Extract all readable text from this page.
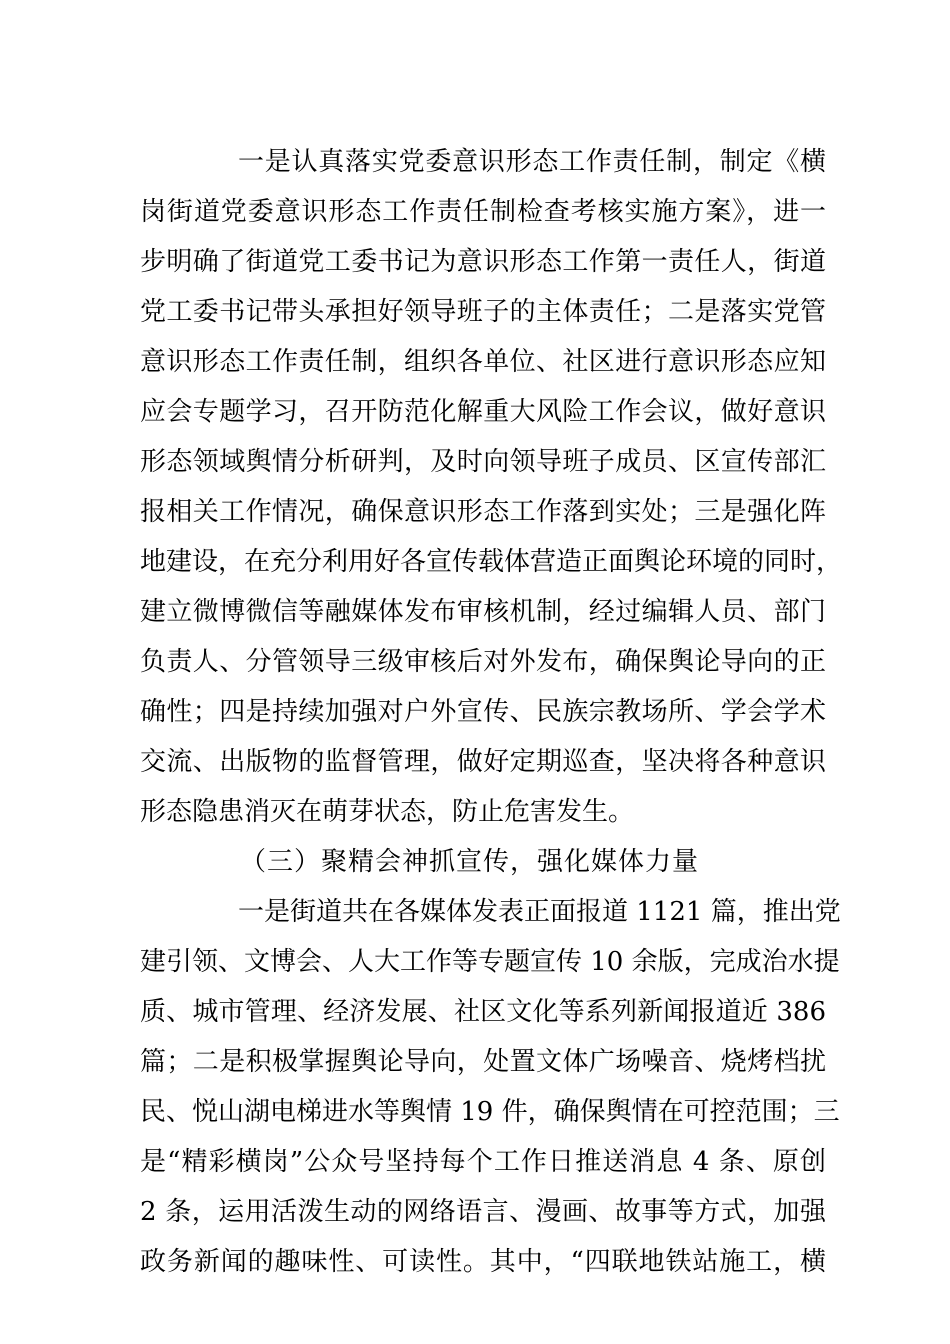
一是认真落实党委意识形态工作责任制，制定《横
岗街道党委意识形态工作责任制检查考核实施方案》，进一
步明确了街道党工委书记为意识形态工作第一责任人，街道
党工委书记带头承担好领导班子的主体责任；二是落实党管
意识形态工作责任制，组织各单位、社区进行意识形态应知
应会专题学习，召开防范化解重大风险工作会议，做好意识
形态领域舆情分析研判，及时向领导班子成员、区宣传部汇
报相关工作情况，确保意识形态工作落到实处；三是强化阵
地建设，在充分利用好各宣传载体营造正面舆论环境的同时，
建立微博微信等融媒体发布审核机制，经过编辑人员、部门
负责人、分管领导三级审核后对外发布，确保舆论导向的正
确性；四是持续加强对户外宣传、民族宗教场所、学会学术
交流、出版物的监督管理，做好定期巡查，坚决将各种意识
形态隐患消灭在萌芽状态，防止危害发生。
（三）聚精会神抓宣传，强化媒体力量
一是街道共在各媒体发表正面报道 1121 篇，推出党
建引领、文博会、人大工作等专题宣传 10 余版，完成治水提
质、城市管理、经济发展、社区文化等系列新闻报道近 386
篇；二是积极掌握舆论导向，处置文体广场噪音、烧烤档扰
民、悦山湖电梯进水等舆情 19 件，确保舆情在可控范围；三
是“精彩横岗”公众号坚持每个工作日推送消息 4 条、原创
2 条，运用活泼生动的网络语言、漫画、故事等方式，加强
政务新闻的趣味性、可读性。其中，“四联地铁站施工，横
